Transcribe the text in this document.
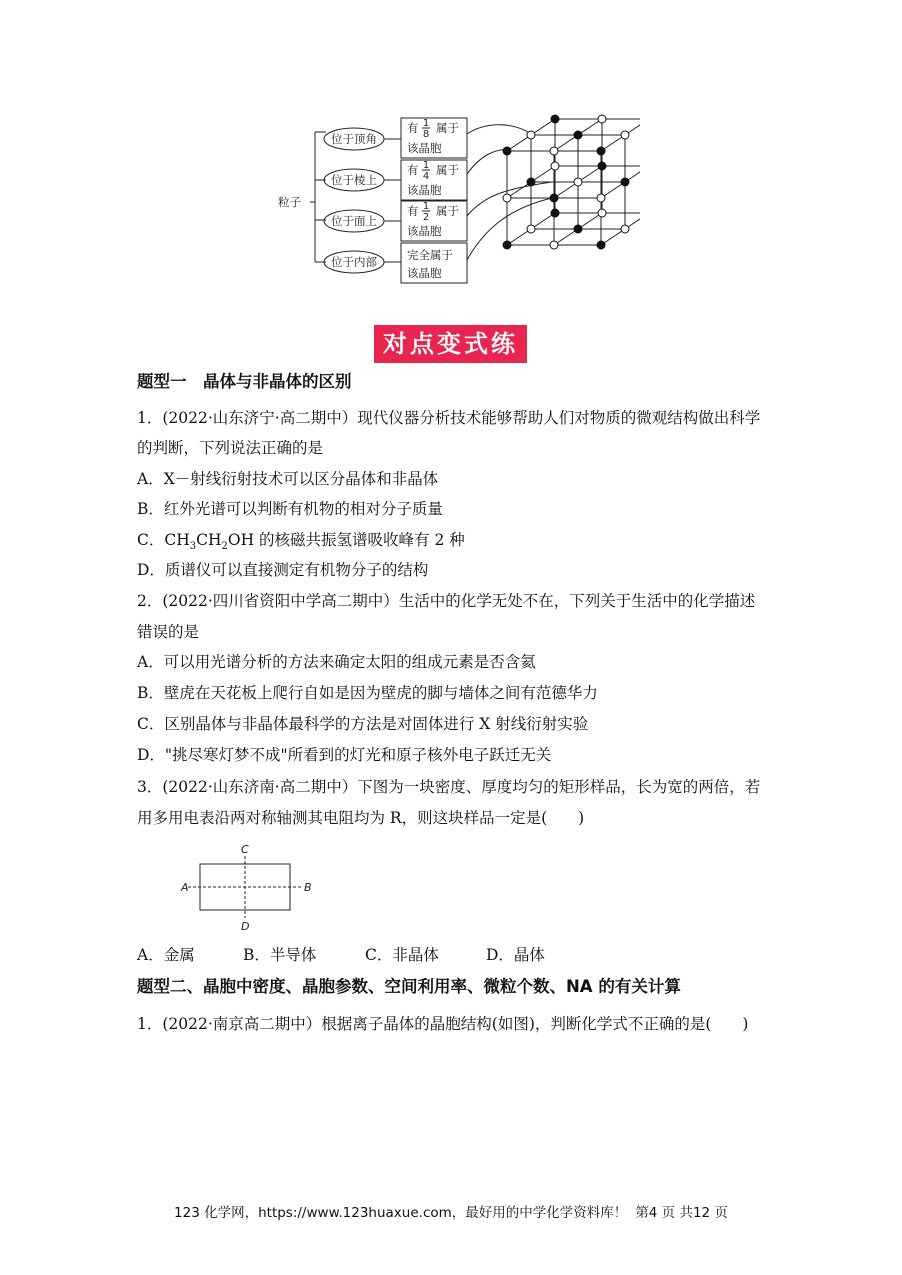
粒子
位于顶角
位于棱上
位于面上
位于内部
有 1
8 属于
该晶胞
有 1
4 属于
该晶胞
有 1
2 属于
该晶胞
完全属于
该晶胞
对点变式练
题型一　晶体与非晶体的区别
1．(2022·山东济宁·高二期中）现代仪器分析技术能够帮助人们对物质的微观结构做出科学
的判断，下列说法正确的是
A．X－射线衍射技术可以区分晶体和非晶体
B．红外光谱可以判断有机物的相对分子质量
C．$CH_3CH_2OH$ 的核磁共振氢谱吸收峰有 2 种
D．质谱仪可以直接测定有机物分子的结构
2．(2022·四川省资阳中学高二期中）生活中的化学无处不在，下列关于生活中的化学描述
错误的是
A．可以用光谱分析的方法来确定太阳的组成元素是否含氦
B．壁虎在天花板上爬行自如是因为壁虎的脚与墙体之间有范德华力
C．区别晶体与非晶体最科学的方法是对固体进行 X 射线衍射实验
D．"挑尽寒灯梦不成"所看到的灯光和原子核外电子跃迁无关
3．(2022·山东济南·高二期中）下图为一块密度、厚度均匀的矩形样品，长为宽的两倍，若
用多用电表沿两对称轴测其电阻均为 R，则这块样品一定是(　　)
A	B
C
D
A．金属	B．半导体	C．非晶体	D．晶体
题型二、晶胞中密度、晶胞参数、空间利用率、微粒个数、NA 的有关计算
1．(2022·南京高二期中）根据离子晶体的晶胞结构(如图)，判断化学式不正确的是(　　)
123 化学网，https://www.123huaxue.com，最好用的中学化学资料库！ 第4 页 共12 页
